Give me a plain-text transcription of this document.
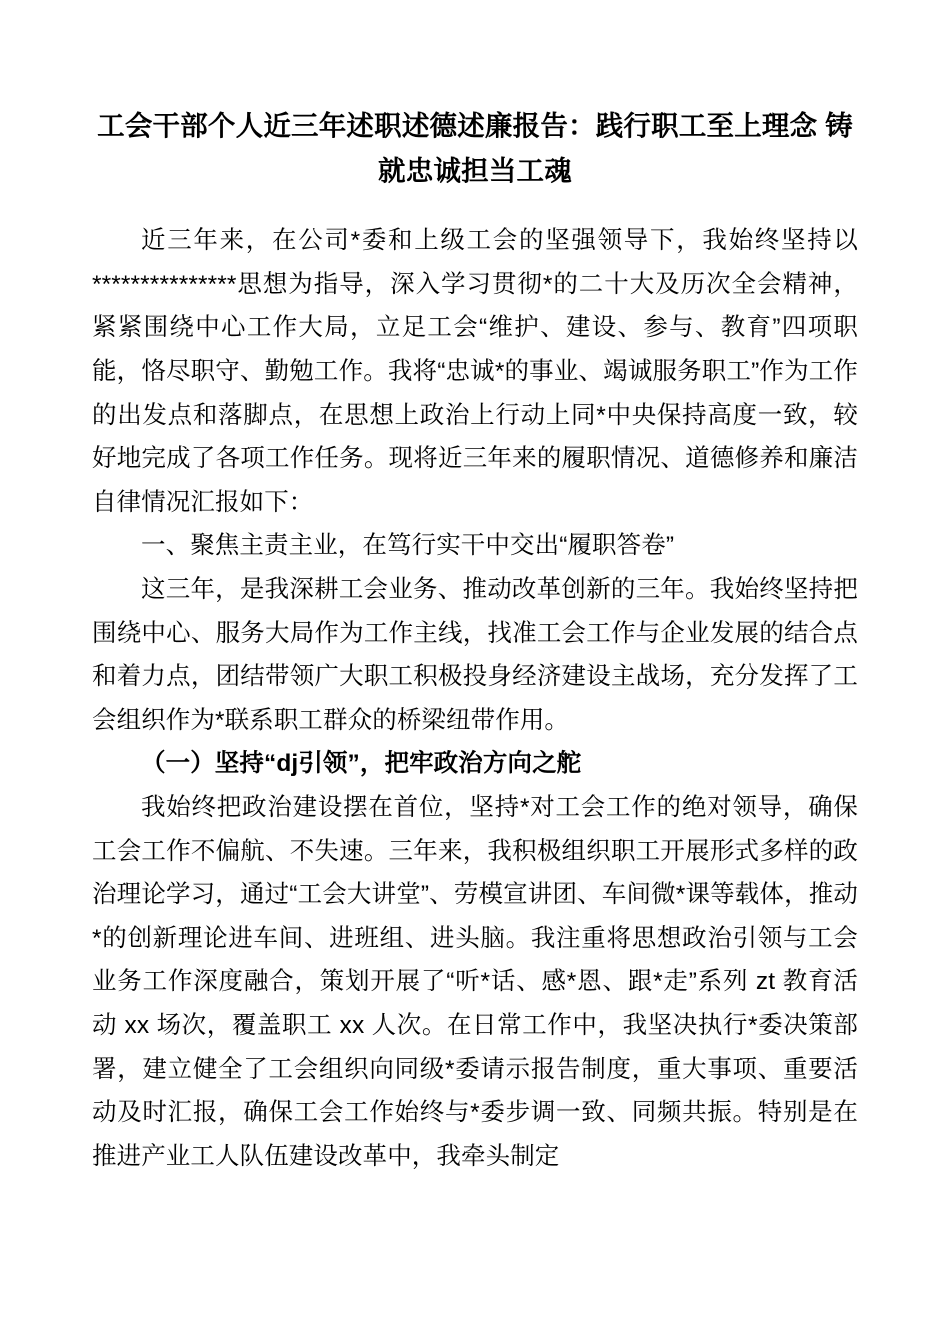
工会干部个人近三年述职述德述廉报告：践行职工至上理念 铸就忠诚担当工魂

近三年来，在公司*委和上级工会的坚强领导下，我始终坚持以***************思想为指导，深入学习贯彻*的二十大及历次全会精神，紧紧围绕中心工作大局，立足工会“维护、建设、参与、教育”四项职能，恪尽职守、勤勉工作。我将“忠诚*的事业、竭诚服务职工”作为工作的出发点和落脚点，在思想上政治上行动上同*中央保持高度一致，较好地完成了各项工作任务。现将近三年来的履职情况、道德修养和廉洁自律情况汇报如下：

一、聚焦主责主业，在笃行实干中交出“履职答卷”

这三年，是我深耕工会业务、推动改革创新的三年。我始终坚持把围绕中心、服务大局作为工作主线，找准工会工作与企业发展的结合点和着力点，团结带领广大职工积极投身经济建设主战场，充分发挥了工会组织作为*联系职工群众的桥梁纽带作用。

（一）坚持“dj引领”，把牢政治方向之舵

我始终把政治建设摆在首位，坚持*对工会工作的绝对领导，确保工会工作不偏航、不失速。三年来，我积极组织职工开展形式多样的政治理论学习，通过“工会大讲堂”、劳模宣讲团、车间微*课等载体，推动*的创新理论进车间、进班组、进头脑。我注重将思想政治引领与工会业务工作深度融合，策划开展了“听*话、感*恩、跟*走”系列 zt 教育活动 xx 场次，覆盖职工 xx 人次。在日常工作中，我坚决执行*委决策部署，建立健全了工会组织向同级*委请示报告制度，重大事项、重要活动及时汇报，确保工会工作始终与*委步调一致、同频共振。特别是在推进产业工人队伍建设改革中，我牵头制定
